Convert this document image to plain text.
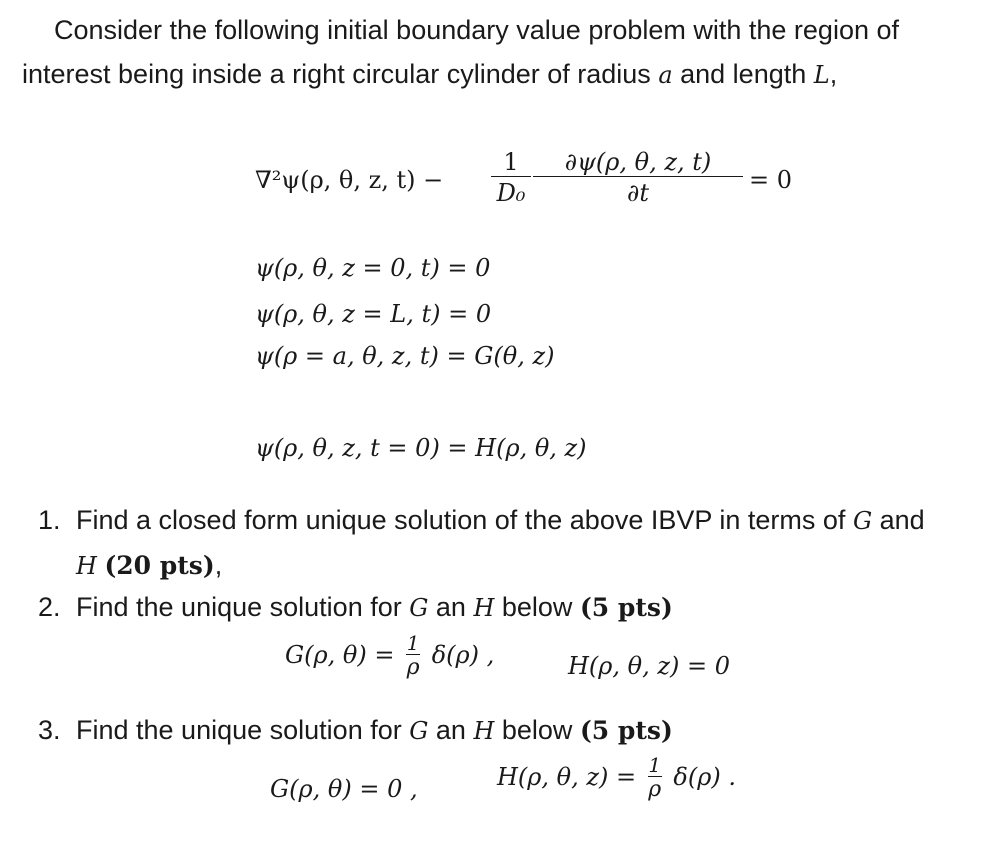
Consider the following initial boundary value problem with the region of
interest being inside a right circular cylinder of radius a and length L,
∇²ψ(ρ, θ, z, t) −
1
D₀
∂ψ(ρ, θ, z, t)
∂t	= 0
ψ(ρ, θ, z = 0, t) = 0
ψ(ρ, θ, z = L, t) = 0
ψ(ρ = a, θ, z, t) = G(θ, z)
ψ(ρ, θ, z, t = 0) = H(ρ, θ, z)
1. Find a closed form unique solution of the above IBVP in terms of G and
H (20 pts),
2. Find the unique solution for G an H below (5 pts)
G(ρ, $\theta) = \frac{1}{\rho} \delta(\rho)$ ,	H(ρ, θ, z) = 0
3. Find the unique solution for G an H below (5 pts)
G(ρ, θ) = 0 ,	H(ρ, θ, $z) = \frac{1}{\rho} \delta(\rho)$ .
